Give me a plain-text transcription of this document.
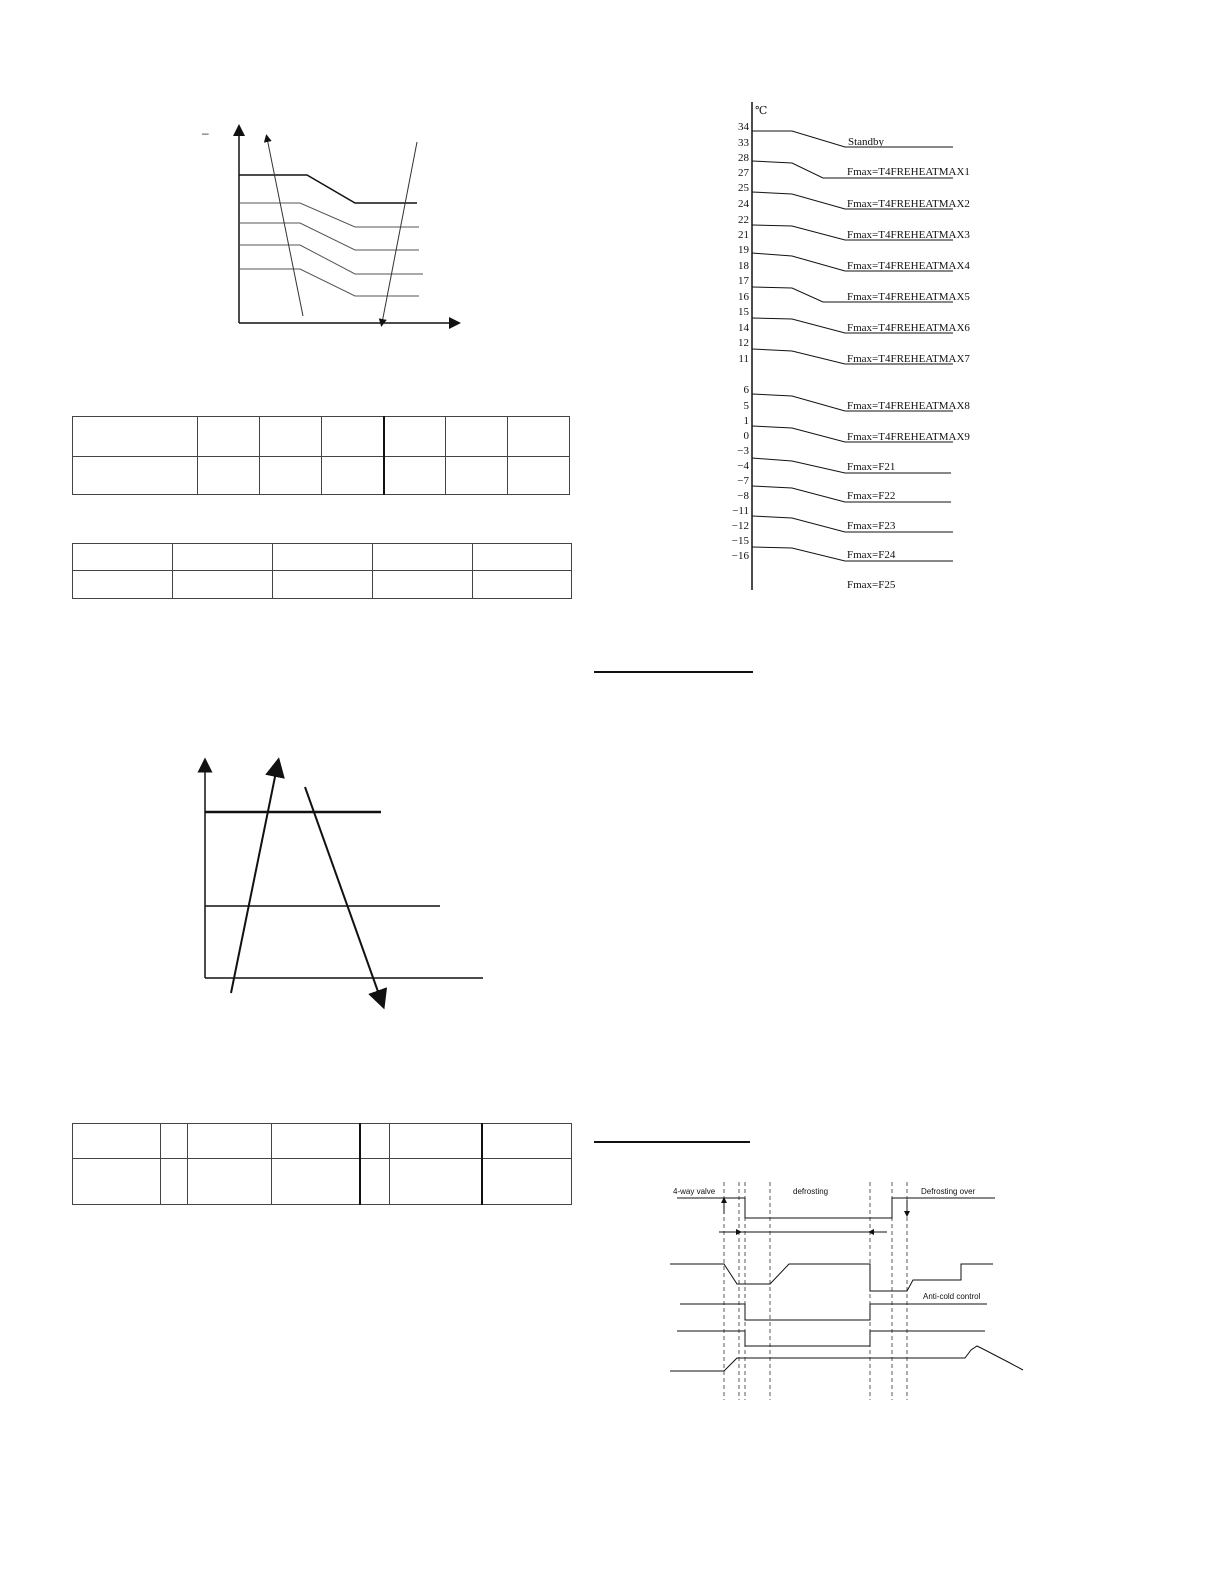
–

℃
34
33
28
27
25
24
22
21
19
18
17
16
15
14
12
11
6
5
1
0
−3
−4
−7
−8
−11
−12
−15
−16
Standby
Fmax=T4FREHEATMAX1
Fmax=T4FREHEATMAX2
Fmax=T4FREHEATMAX3
Fmax=T4FREHEATMAX4
Fmax=T4FREHEATMAX5
Fmax=T4FREHEATMAX6
Fmax=T4FREHEATMAX7
Fmax=T4FREHEATMAX8
Fmax=T4FREHEATMAX9
Fmax=F21
Fmax=F22
Fmax=F23
Fmax=F24
Fmax=F25
4-way valve	defrosting	Defrosting over
Anti-cold control
